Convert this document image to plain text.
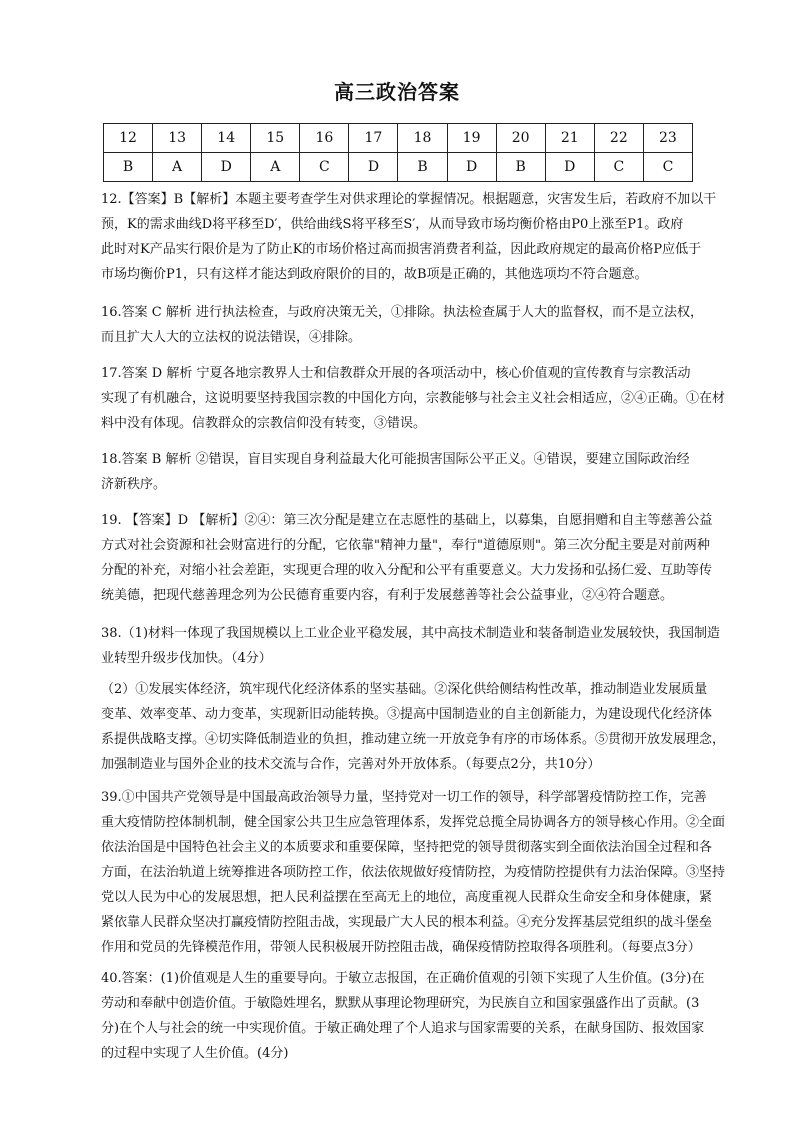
高三政治答案
12	13	14	15	16	17	18	19	20	21	22	23
B	A	D	A	C	D	B	D	B	D	C	C
12.【答案】B【解析】本题主要考查学生对供求理论的掌握情况。根据题意，灾害发生后，若政府不加以干
预，K的需求曲线D将平移至D′，供给曲线S将平移至S′，从而导致市场均衡价格由P0上涨至P1。政府
此时对K产品实行限价是为了防止K的市场价格过高而损害消费者利益，因此政府规定的最高价格P应低于
市场均衡价P1，只有这样才能达到政府限价的目的，故B项是正确的，其他选项均不符合题意。
16.答案 C 解析 进行执法检查，与政府决策无关，①排除。执法检查属于人大的监督权，而不是立法权，
而且扩大人大的立法权的说法错误，④排除。
17.答案 D 解析 宁夏各地宗教界人士和信教群众开展的各项活动中，核心价值观的宣传教育与宗教活动
实现了有机融合，这说明要坚持我国宗教的中国化方向，宗教能够与社会主义社会相适应，②④正确。①在材
料中没有体现。信教群众的宗教信仰没有转变，③错误。
18.答案 B 解析 ②错误，盲目实现自身利益最大化可能损害国际公平正义。④错误，要建立国际政治经
济新秩序。
19. 【答案】D 【解析】②④：第三次分配是建立在志愿性的基础上，以募集，自愿捐赠和自主等慈善公益
方式对社会资源和社会财富进行的分配，它依靠"精神力量"，奉行"道德原则"。第三次分配主要是对前两种
分配的补充，对缩小社会差距，实现更合理的收入分配和公平有重要意义。大力发扬和弘扬仁爱、互助等传
统美德，把现代慈善理念列为公民德育重要内容，有利于发展慈善等社会公益事业，②④符合题意。
38.（1)材料一体现了我国规模以上工业企业平稳发展，其中高技术制造业和装备制造业发展较快，我国制造
业转型升级步伐加快。（4分）
（2）①发展实体经济，筑牢现代化经济体系的坚实基础。②深化供给侧结构性改革，推动制造业发展质量
变革、效率变革、动力变革，实现新旧动能转换。③提高中国制造业的自主创新能力，为建设现代化经济体
系提供战略支撑。④切实降低制造业的负担，推动建立统一开放竞争有序的市场体系。⑤贯彻开放发展理念，
加强制造业与国外企业的技术交流与合作，完善对外开放体系。（每要点2分，共10分）
39.①中国共产党领导是中国最高政治领导力量，坚持党对一切工作的领导，科学部署疫情防控工作，完善
重大疫情防控体制机制，健全国家公共卫生应急管理体系，发挥党总揽全局协调各方的领导核心作用。②全面
依法治国是中国特色社会主义的本质要求和重要保障，坚持把党的领导贯彻落实到全面依法治国全过程和各
方面，在法治轨道上统筹推进各项防控工作，依法依规做好疫情防控，为疫情防控提供有力法治保障。③坚持
党以人民为中心的发展思想，把人民利益摆在至高无上的地位，高度重视人民群众生命安全和身体健康，紧
紧依靠人民群众坚决打赢疫情防控阻击战，实现最广大人民的根本利益。④充分发挥基层党组织的战斗堡垒
作用和党员的先锋模范作用，带领人民积极展开防控阻击战，确保疫情防控取得各项胜利。（每要点3分）
40.答案：(1)价值观是人生的重要导向。于敏立志报国，在正确价值观的引领下实现了人生价值。(3分)在
劳动和奉献中创造价值。于敏隐姓埋名，默默从事理论物理研究，为民族自立和国家强盛作出了贡献。(3
分)在个人与社会的统一中实现价值。于敏正确处理了个人追求与国家需要的关系，在献身国防、报效国家
的过程中实现了人生价值。(4分)
